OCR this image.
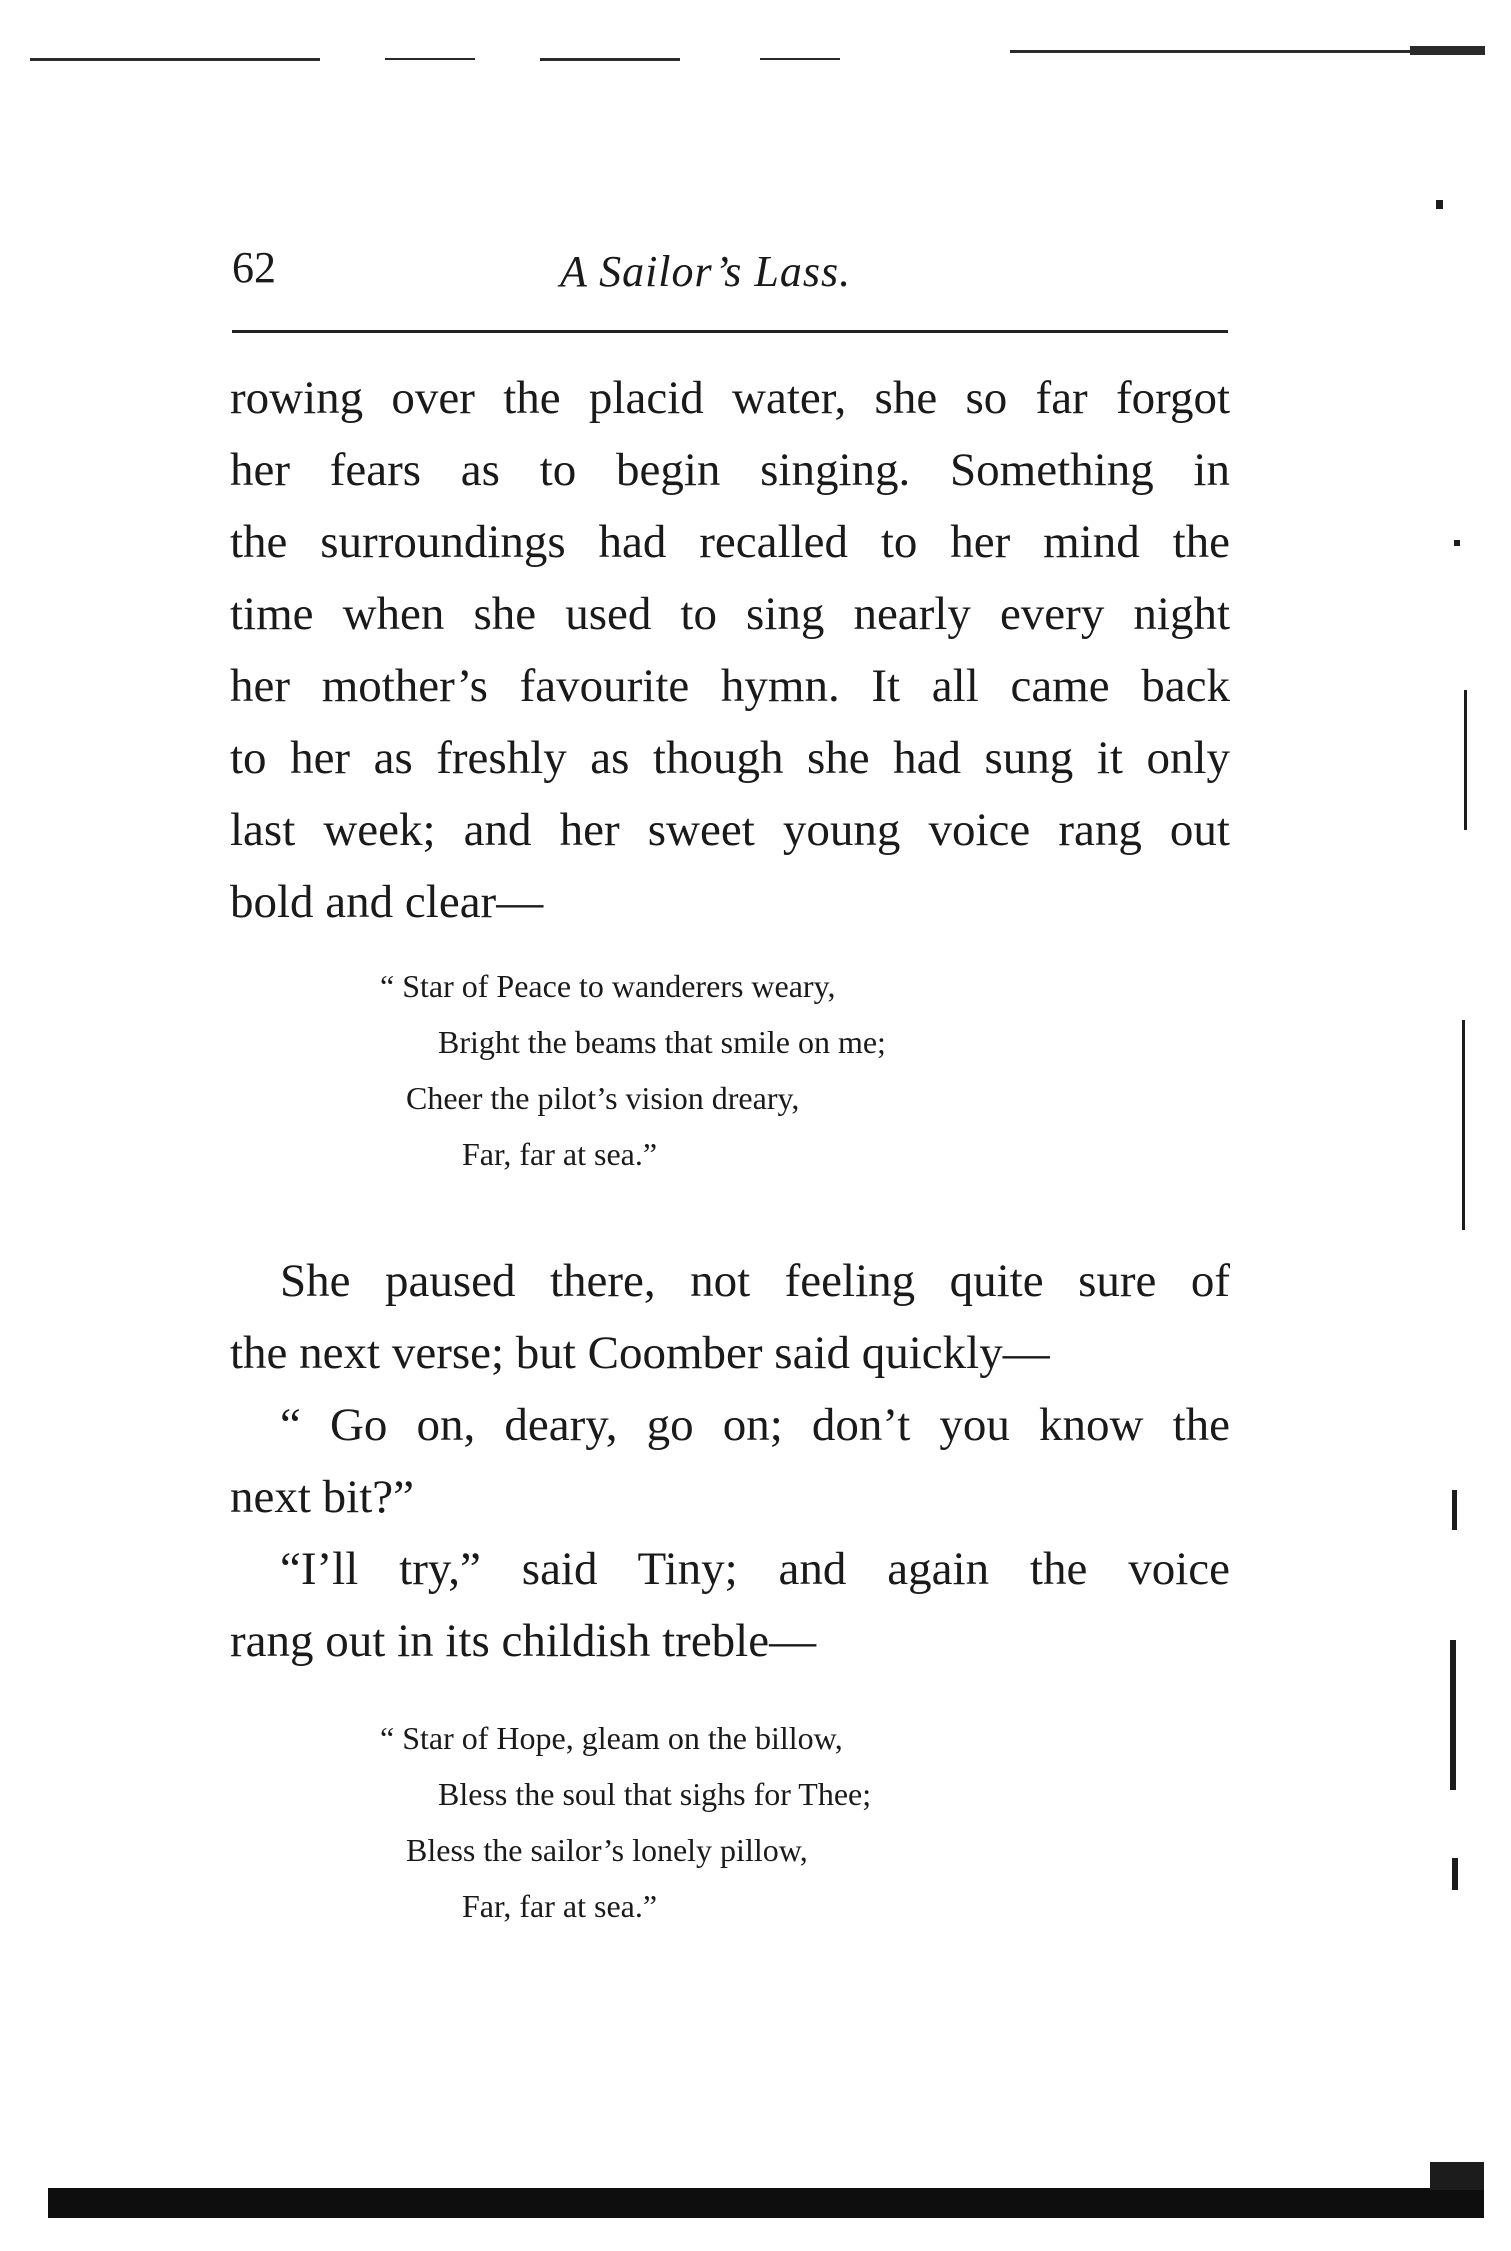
62	A Sailor’s Lass.
rowing over the placid water, she so far forgot
her fears as to begin singing. Something in
the surroundings had recalled to her mind the
time when she used to sing nearly every night
her mother’s favourite hymn. It all came back
to her as freshly as though she had sung it only
last week; and her sweet young voice rang out
bold and clear—
“ Star of Peace to wanderers weary,
Bright the beams that smile on me;
Cheer the pilot’s vision dreary,
Far, far at sea.”
She paused there, not feeling quite sure of
the next verse; but Coomber said quickly—
“ Go on, deary, go on; don’t you know the
next bit?”
“I’ll try,” said Tiny; and again the voice
rang out in its childish treble—
“ Star of Hope, gleam on the billow,
Bless the soul that sighs for Thee;
Bless the sailor’s lonely pillow,
Far, far at sea.”
